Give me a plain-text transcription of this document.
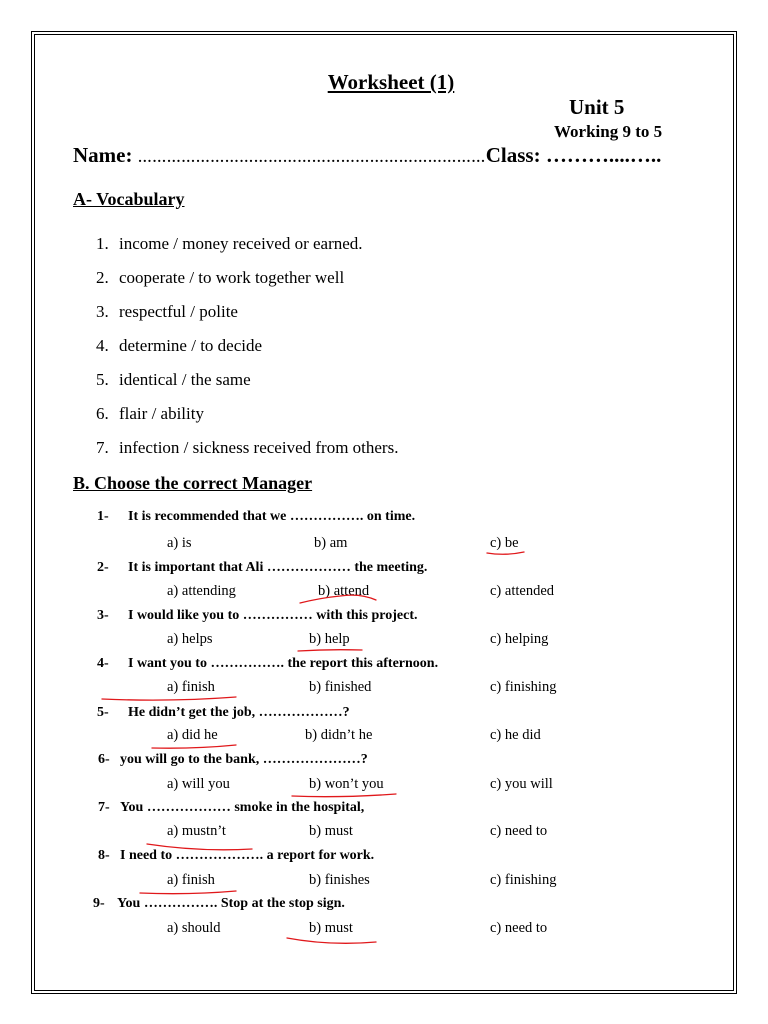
Worksheet (1)
Unit 5
Working 9 to 5
Name: ………………………………………………………………Class: ………....…..
A- Vocabulary
1. income / money received or earned.
2. cooperate / to work together well
3. respectful / polite
4. determine / to decide
5. identical / the same
6. flair / ability
7. infection / sickness received from others.
B. Choose the correct Manager
1- It is recommended that we ……………. on time.
a) is	b) am	c) be
2- It is important that Ali ……………… the meeting.
a) attending	b) attend	c) attended
3- I would like you to …………… with this project.
a) helps	b) help	c) helping
4- I want you to ……………. the report this afternoon.
a) finish	b) finished	c) finishing
5- He didn’t get the job, ………………?
a) did he	b) didn’t he	c) he did
6- you will go to the bank, …………………?
a) will you	b) won’t you	c) you will
7- You ……………… smoke in the hospital,
a) mustn’t	b) must	c) need to
8- I need to ………………. a report for work.
a) finish	b) finishes	c) finishing
9- You ……………. Stop at the stop sign.
a) should	b) must	c) need to
